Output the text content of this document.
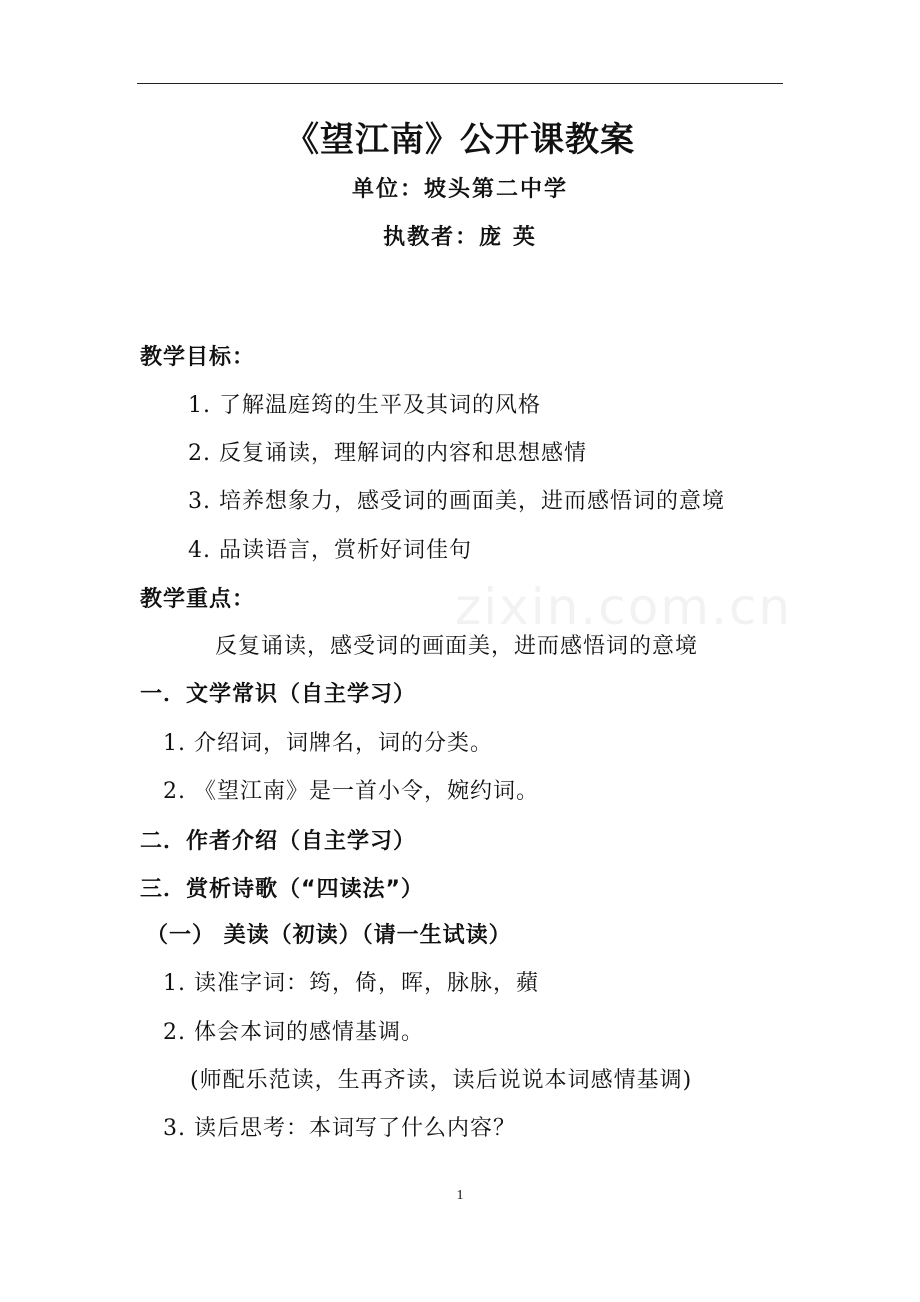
《望江南》公开课教案
单位：坡头第二中学
执教者：庞 英
zixin.com.cn
教学目标：
1. 了解温庭筠的生平及其词的风格
2. 反复诵读，理解词的内容和思想感情
3. 培养想象力，感受词的画面美，进而感悟词的意境
4. 品读语言，赏析好词佳句
教学重点：
反复诵读，感受词的画面美，进而感悟词的意境
一．文学常识（自主学习）
1. 介绍词，词牌名，词的分类。
2. 《望江南》是一首小令，婉约词。
二．作者介绍（自主学习）
三．赏析诗歌（“四读法”）
（一） 美读（初读）（请一生试读）
1. 读准字词：筠，倚，晖，脉脉，蘋
2. 体会本词的感情基调。
(师配乐范读，生再齐读，读后说说本词感情基调)
3. 读后思考：本词写了什么内容？
1
